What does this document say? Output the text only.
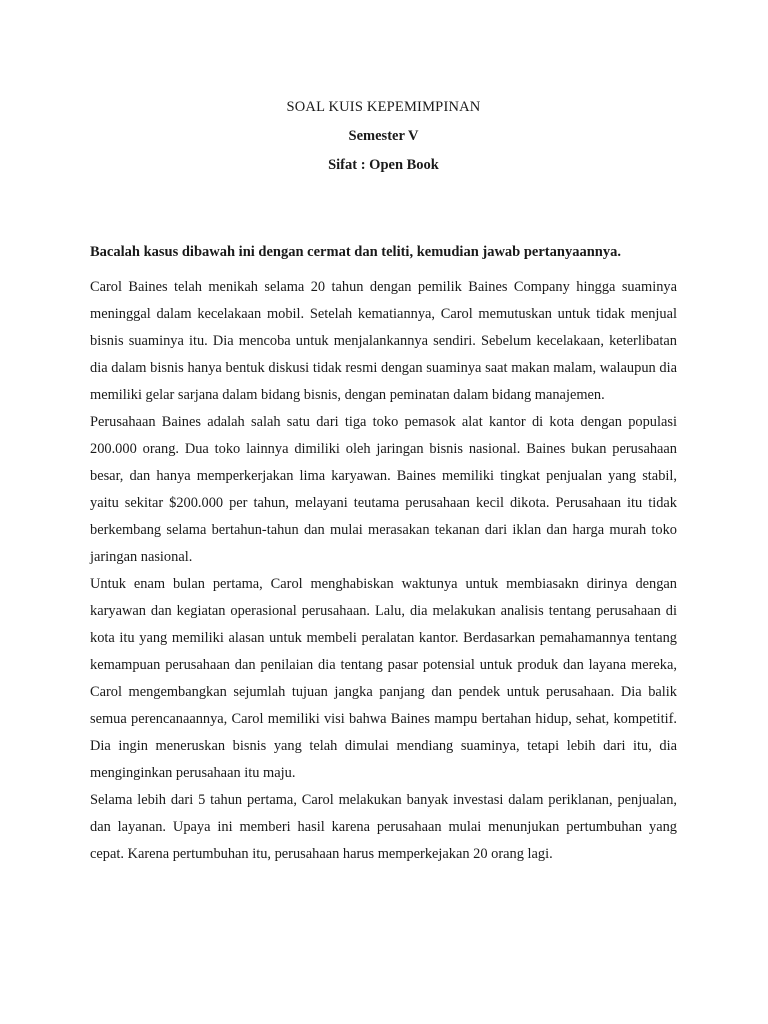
SOAL KUIS KEPEMIMPINAN
Semester V
Sifat : Open Book
Bacalah kasus dibawah ini dengan cermat dan teliti, kemudian jawab pertanyaannya.

Carol Baines telah menikah selama 20 tahun dengan pemilik Baines Company hingga suaminya meninggal dalam kecelakaan mobil. Setelah kematiannya, Carol memutuskan untuk tidak menjual bisnis suaminya itu. Dia mencoba untuk menjalankannya sendiri. Sebelum kecelakaan, keterlibatan dia dalam bisnis hanya bentuk diskusi tidak resmi dengan suaminya saat makan malam, walaupun dia memiliki gelar sarjana dalam bidang bisnis, dengan peminatan dalam bidang manajemen.

Perusahaan Baines adalah salah satu dari tiga toko pemasok alat kantor di kota dengan populasi 200.000 orang. Dua toko lainnya dimiliki oleh jaringan bisnis nasional. Baines bukan perusahaan besar, dan hanya memperkerjakan lima karyawan. Baines memiliki tingkat penjualan yang stabil, yaitu sekitar $200.000 per tahun, melayani teutama perusahaan kecil dikota. Perusahaan itu tidak berkembang selama bertahun-tahun dan mulai merasakan tekanan dari iklan dan harga murah toko jaringan nasional.

Untuk enam bulan pertama, Carol menghabiskan waktunya untuk membiasakn dirinya dengan karyawan dan kegiatan operasional perusahaan. Lalu, dia melakukan analisis tentang perusahaan di kota itu yang memiliki alasan untuk membeli peralatan kantor. Berdasarkan pemahamannya tentang kemampuan perusahaan dan penilaian dia tentang pasar potensial untuk produk dan layana mereka, Carol mengembangkan sejumlah tujuan jangka panjang dan pendek untuk perusahaan. Dia balik semua perencanaannya, Carol memiliki visi bahwa Baines mampu bertahan hidup, sehat, kompetitif. Dia ingin meneruskan bisnis yang telah dimulai mendiang suaminya, tetapi lebih dari itu, dia menginginkan perusahaan itu maju.

Selama lebih dari 5 tahun pertama, Carol melakukan banyak investasi dalam periklanan, penjualan, dan layanan. Upaya ini memberi hasil karena perusahaan mulai menunjukan pertumbuhan yang cepat. Karena pertumbuhan itu, perusahaan harus memperkejakan 20 orang lagi.
